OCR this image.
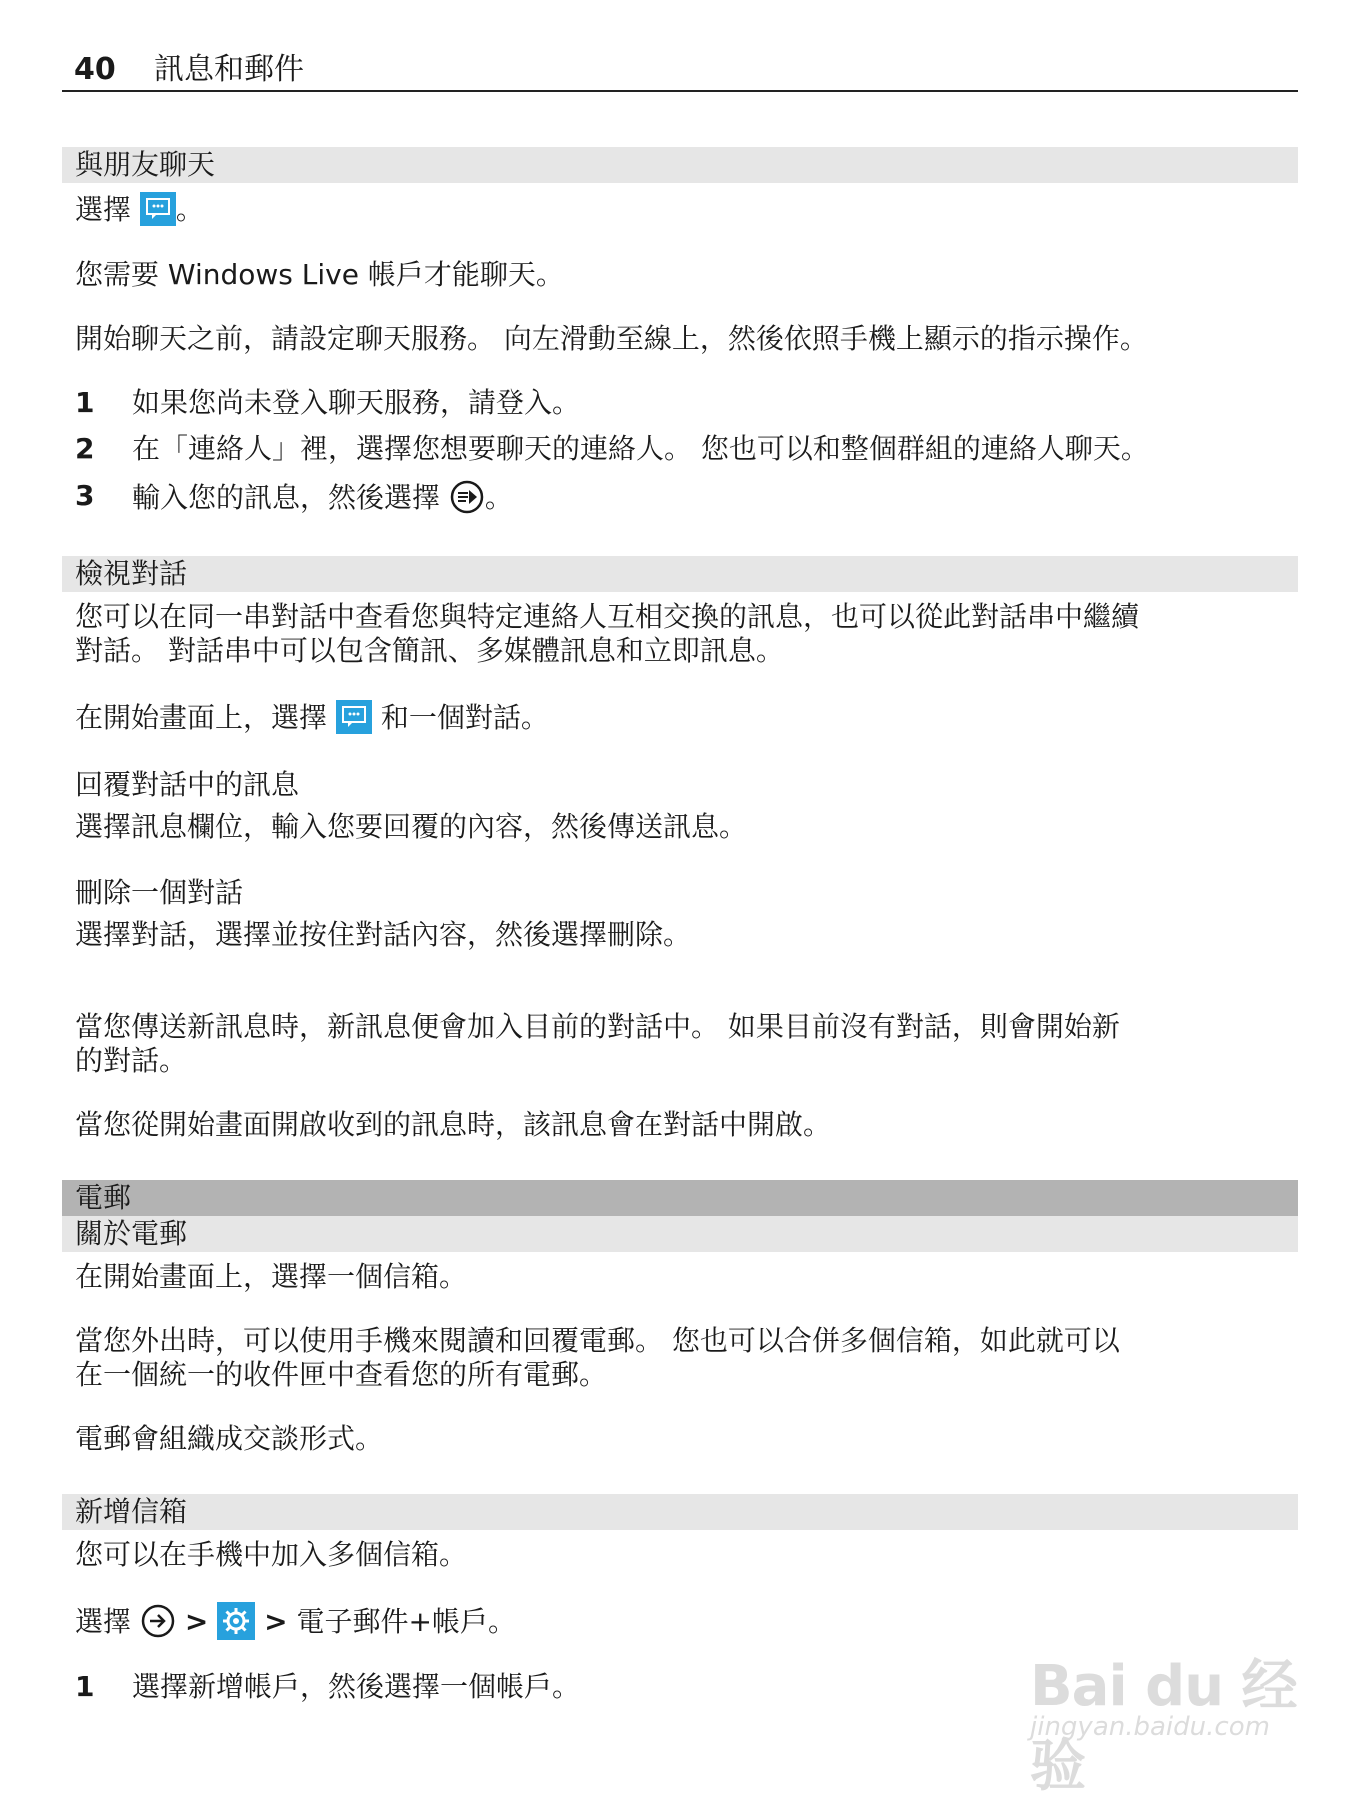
40 訊息和郵件
與朋友聊天
選擇 。
您需要 Windows Live 帳戶才能聊天。
開始聊天之前，請設定聊天服務。 向左滑動至線上，然後依照手機上顯示的指示操作。
1 如果您尚未登入聊天服務，請登入。
2 在「連絡人」裡，選擇您想要聊天的連絡人。 您也可以和整個群組的連絡人聊天。
3 輸入您的訊息，然後選擇 。
檢視對話
您可以在同一串對話中查看您與特定連絡人互相交換的訊息，也可以從此對話串中繼續
對話。 對話串中可以包含簡訊、多媒體訊息和立即訊息。
在開始畫面上，選擇 和一個對話。
回覆對話中的訊息
選擇訊息欄位，輸入您要回覆的內容，然後傳送訊息。
刪除一個對話
選擇對話，選擇並按住對話內容，然後選擇刪除。
當您傳送新訊息時，新訊息便會加入目前的對話中。 如果目前沒有對話，則會開始新
的對話。
當您從開始畫面開啟收到的訊息時，該訊息會在對話中開啟。
電郵
關於電郵
在開始畫面上，選擇一個信箱。
當您外出時，可以使用手機來閱讀和回覆電郵。 您也可以合併多個信箱，如此就可以
在一個統一的收件匣中查看您的所有電郵。
電郵會組織成交談形式。
新增信箱
您可以在手機中加入多個信箱。
選擇 > > 電子郵件+帳戶。
1 選擇新增帳戶，然後選擇一個帳戶。	Bai du 经验
jingyan.baidu.com
